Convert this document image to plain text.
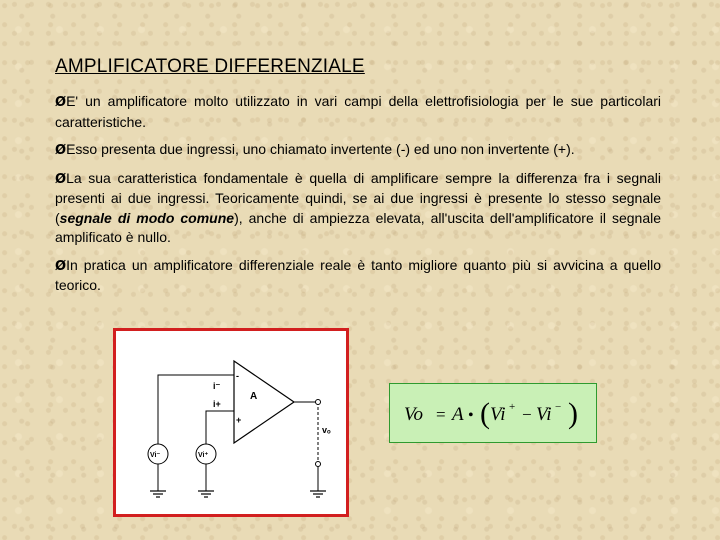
AMPLIFICATORE DIFFERENZIALE
ØE' un amplificatore molto utilizzato in vari campi della elettrofisiologia per le sue particolari caratteristiche.
ØEsso presenta due ingressi, uno chiamato invertente (-) ed uno non invertente (+).
ØLa sua caratteristica fondamentale è quella di amplificare sempre la differenza fra i segnali presenti ai due ingressi. Teoricamente quindi, se ai due ingressi è presente lo stesso segnale (segnale di modo comune), anche di ampiezza elevata, all'uscita dell'amplificatore il segnale amplificato è nullo.
ØIn pratica un amplificatore differenziale reale è tanto migliore quanto più si avvicina a quello teorico.
-
+
A
i⁻
i+
vₒ
Vi⁻	Vi⁺
Vo = A • ( Vi + − Vi − )
